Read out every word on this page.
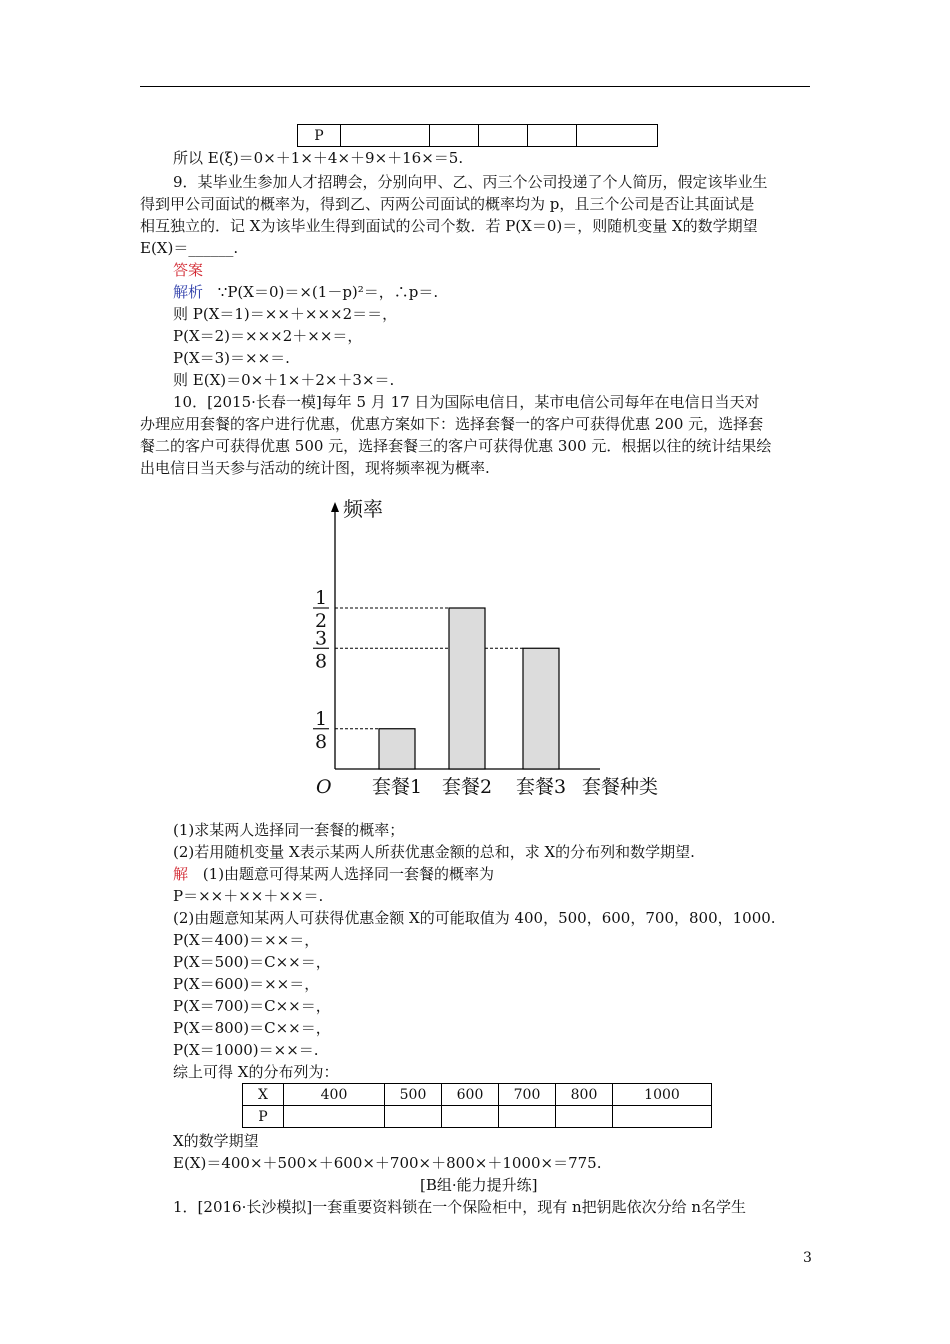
P					
所以 E(ξ)＝0×＋1×＋4×＋9×＋16×＝5.
9．某毕业生参加人才招聘会，分别向甲、乙、丙三个公司投递了个人简历，假定该毕业生
得到甲公司面试的概率为，得到乙、丙两公司面试的概率均为 p，且三个公司是否让其面试是
相互独立的．记 X为该毕业生得到面试的公司个数．若 P(X＝0)＝，则随机变量 X的数学期望
E(X)＝______.
答案
解析 ∵P(X＝0)＝×(1－p)²＝，∴p＝.
则 P(X＝1)＝××＋×××2＝＝，
P(X＝2)＝×××2＋××＝，
P(X＝3)＝××＝.
则 E(X)＝0×＋1×＋2×＋3×＝.
10．[2015·长春一模]每年 5 月 17 日为国际电信日，某市电信公司每年在电信日当天对
办理应用套餐的客户进行优惠，优惠方案如下：选择套餐一的客户可获得优惠 200 元，选择套
餐二的客户可获得优惠 500 元，选择套餐三的客户可获得优惠 300 元．根据以往的统计结果绘
出电信日当天参与活动的统计图，现将频率视为概率.
套餐1 套餐2 套餐3
1
2
3
8
1
8
频率
套餐种类
O
(1)求某两人选择同一套餐的概率；
(2)若用随机变量 X表示某两人所获优惠金额的总和，求 X的分布列和数学期望.
解 (1)由题意可得某两人选择同一套餐的概率为
P＝××＋××＋××＝.
(2)由题意知某两人可获得优惠金额 X的可能取值为 400，500，600，700，800，1000.
P(X＝400)＝××＝，
P(X＝500)＝C××＝，
P(X＝600)＝××＝，
P(X＝700)＝C××＝，
P(X＝800)＝C××＝，
P(X＝1000)＝××＝.
综上可得 X的分布列为：
X	400	500	600	700	800	1000
P						
X的数学期望
E(X)＝400×＋500×＋600×＋700×＋800×＋1000×＝775.
[B组·能力提升练]
1．[2016·长沙模拟]一套重要资料锁在一个保险柜中，现有 n把钥匙依次分给 n名学生
3
